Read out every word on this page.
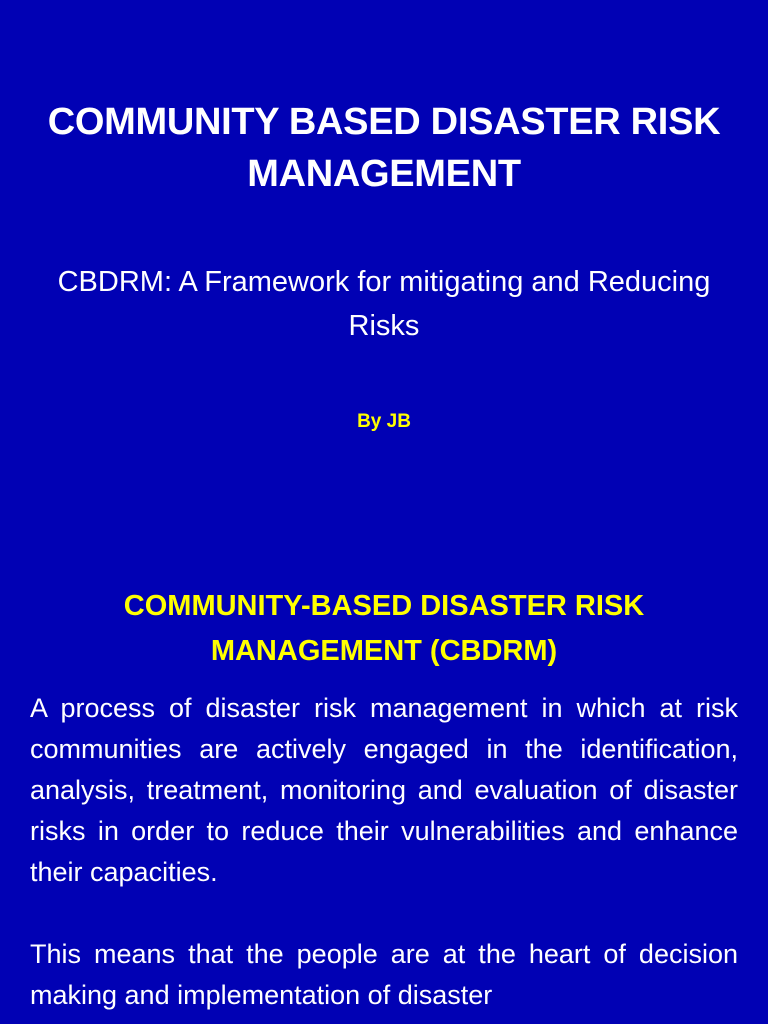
COMMUNITY BASED DISASTER RISK MANAGEMENT

CBDRM: A Framework for mitigating and Reducing Risks

By JB

COMMUNITY-BASED DISASTER RISK MANAGEMENT (CBDRM)

A process of disaster risk management in which at risk communities are actively engaged in the identification, analysis, treatment, monitoring and evaluation of disaster risks in order to reduce their vulnerabilities and enhance their capacities.

This means that the people are at the heart of decision making and implementation of disaster
